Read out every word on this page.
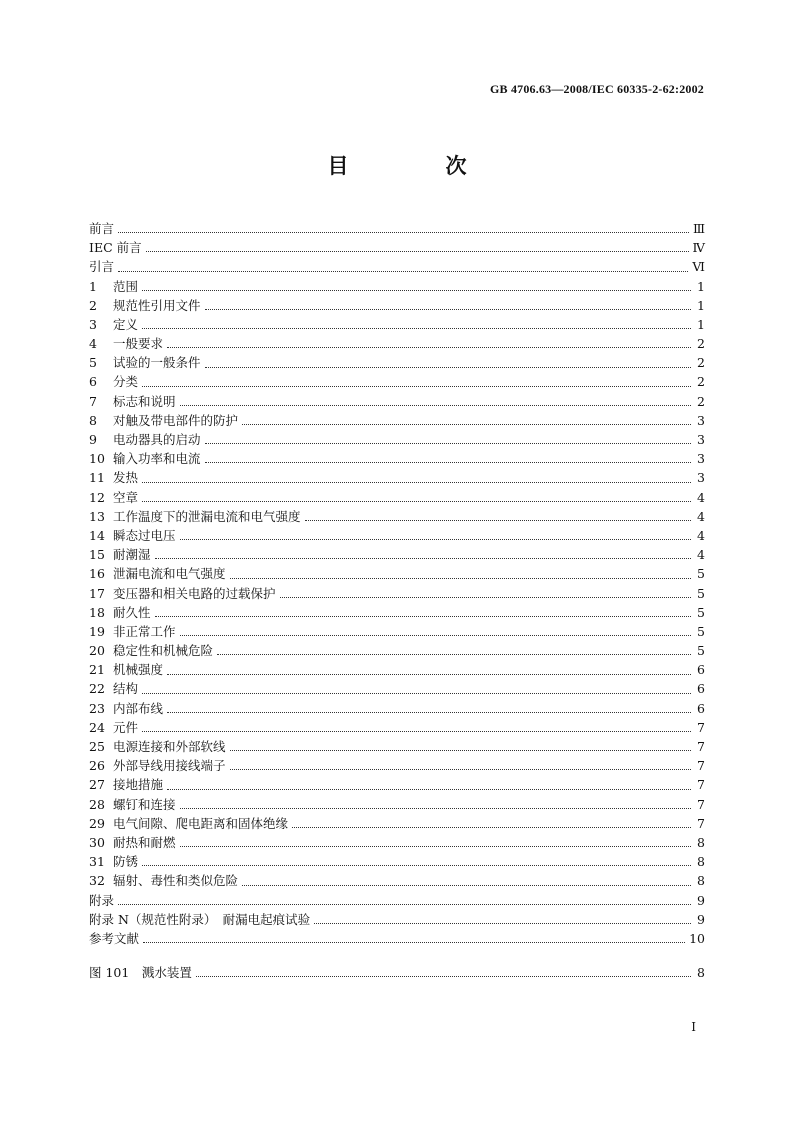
GB 4706.63—2008/IEC 60335-2-62:2002
目　次
前言	Ⅲ
IEC 前言	Ⅳ
引言	Ⅵ
1	范围	1
2	规范性引用文件	1
3	定义	1
4	一般要求	2
5	试验的一般条件	2
6	分类	2
7	标志和说明	2
8	对触及带电部件的防护	3
9	电动器具的启动	3
10 输入功率和电流	3
11 发热	3
12 空章	4
13 工作温度下的泄漏电流和电气强度	4
14 瞬态过电压	4
15 耐潮湿	4
16 泄漏电流和电气强度	5
17 变压器和相关电路的过载保护	5
18 耐久性	5
19 非正常工作	5
20 稳定性和机械危险	5
21 机械强度	6
22 结构	6
23 内部布线	6
24 元件	7
25 电源连接和外部软线	7
26 外部导线用接线端子	7
27 接地措施	7
28 螺钉和连接	7
29 电气间隙、爬电距离和固体绝缘	7
30 耐热和耐燃	8
31 防锈	8
32 辐射、毒性和类似危险	8
附录	9
附录 N（规范性附录）　耐漏电起痕试验	9
参考文献	10
图 101　溅水装置	8
I
